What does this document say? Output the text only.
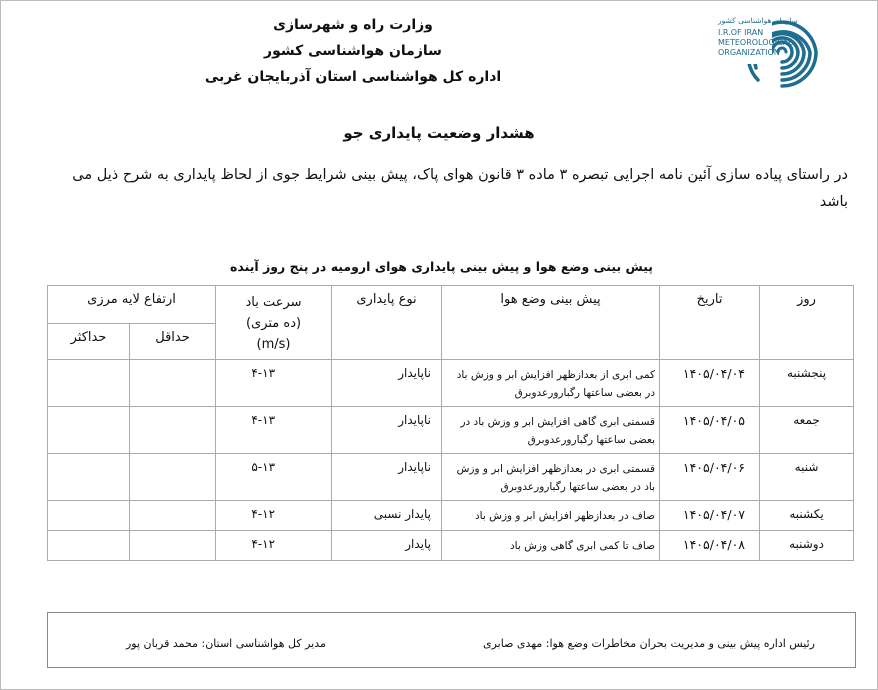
وزارت راه و شهرسازی
سازمان هواشناسی کشور
اداره کل هواشناسی استان آذربایجان غربی
سازمان هواشناسی کشور
I.R.OF IRAN
METEOROLOGICAL
ORGANIZATION
هشدار وضعیت پایداری جو
در راستای پیاده سازی آئین نامه اجرایی تبصره ۳ ماده ۳ قانون هوای پاک، پیش بینی شرایط جوی از لحاظ پایداری به شرح ذیل می باشد
پیش بینی وضع هوا و پیش بینی پایداری هوای ارومیه در پنج روز آینده
روز	تاریخ	پیش بینی وضع هوا	نوع پایداری	سرعت باد
(ده متری)
(m/s)	ارتفاع لایه مرزی	
					حداقل	حداکثر
پنجشنبه	۱۴۰۵/۰۴/۰۴	کمی ابری از بعدازظهر افزایش ابر و وزش باد در بعضی ساعتها رگبارورعدوبرق	ناپایدار	۴-۱۳		
جمعه	۱۴۰۵/۰۴/۰۵	قسمتی ابری گاهی افزایش ابر و وزش باد در بعضی ساعتها رگبارورعدوبرق	ناپایدار	۴-۱۳		
شنبه	۱۴۰۵/۰۴/۰۶	قسمتی ابری در بعدازظهر افزایش ابر و وزش باد در بعضی ساعتها رگبارورعدوبرق	ناپایدار	۵-۱۳		
یکشنبه	۱۴۰۵/۰۴/۰۷	صاف در بعدازظهر افزایش ابر و وزش باد	پایدار نسبی	۴-۱۲		
دوشنبه	۱۴۰۵/۰۴/۰۸	صاف تا کمی ابری گاهی وزش باد	پایدار	۴-۱۲		
رئیس اداره پیش بینی و مدیریت بحران مخاطرات وضع هوا: مهدی صابری
مدیر کل هواشناسی استان: محمد قربان پور
